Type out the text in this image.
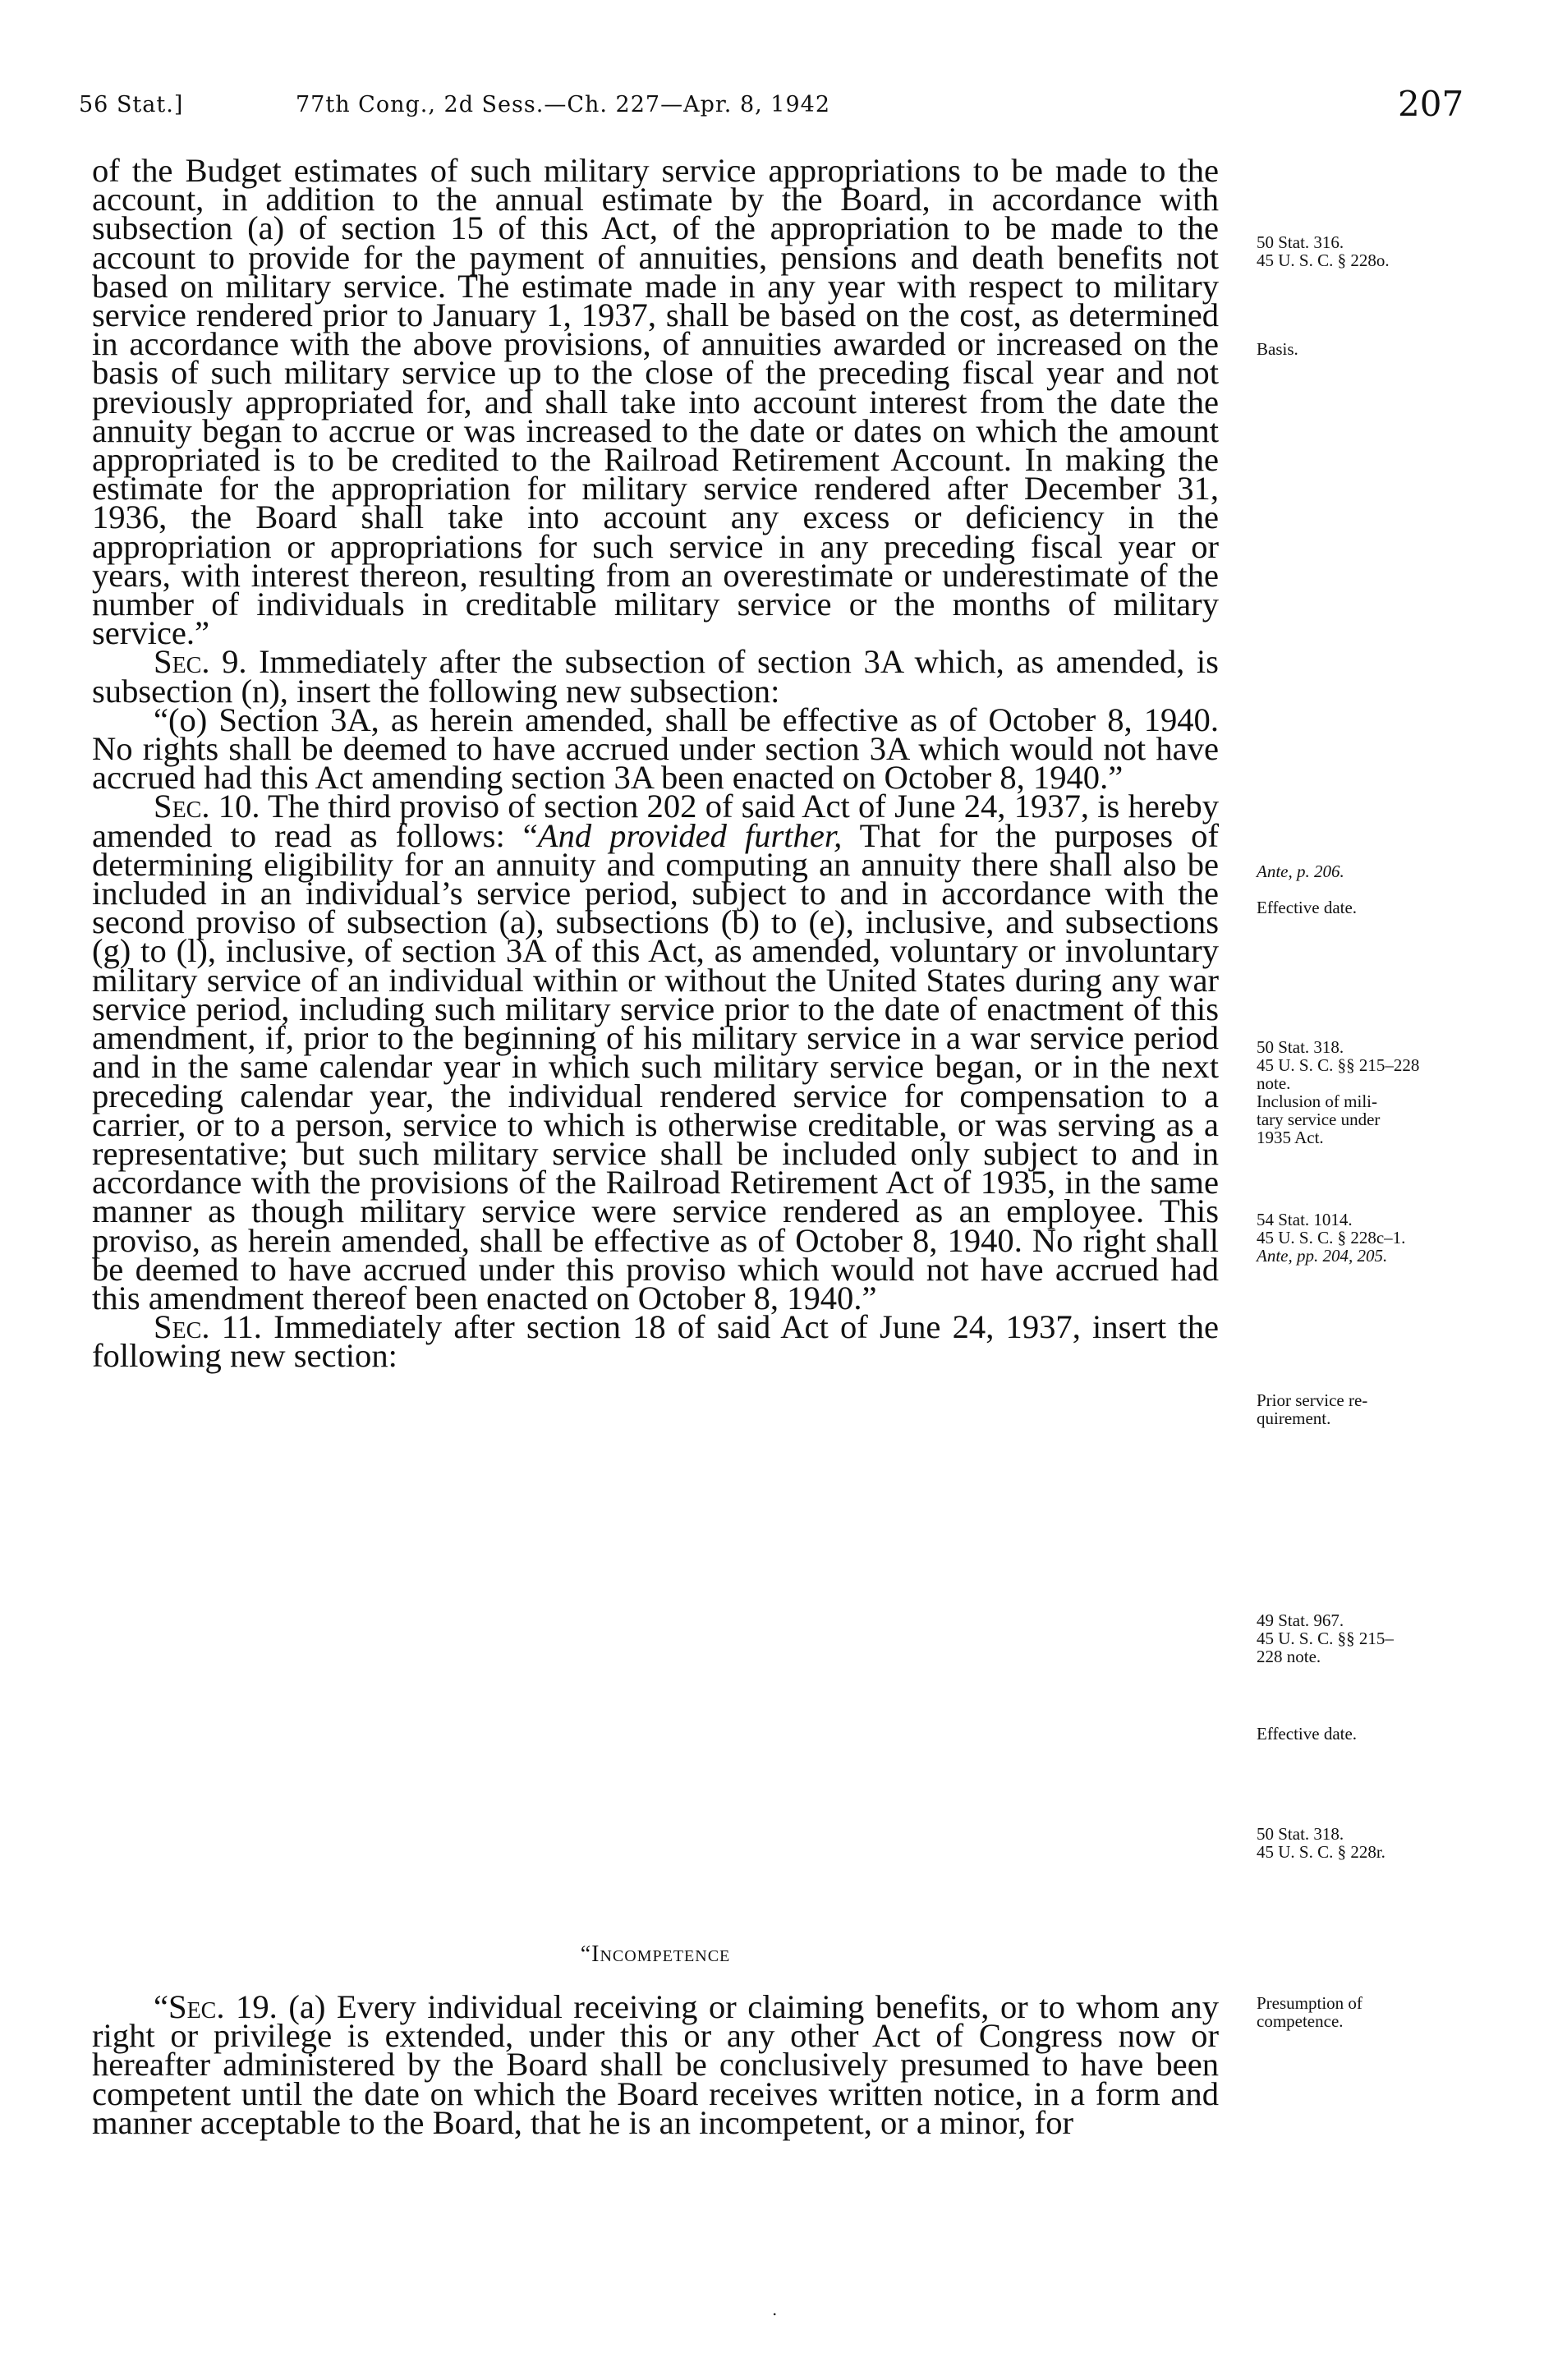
56 Stat.]	77th Cong., 2d Sess.—Ch. 227—Apr. 8, 1942	207

of the Budget estimates of such military service appropriations to be made to the account, in addition to the annual estimate by the Board, in accordance with subsection (a) of section 15 of this Act, of the appropriation to be made to the account to provide for the payment of annuities, pensions and death benefits not based on military service. The estimate made in any year with respect to military service rendered prior to January 1, 1937, shall be based on the cost, as determined in accordance with the above provisions, of annuities awarded or increased on the basis of such military service up to the close of the preceding fiscal year and not previously appropriated for, and shall take into account interest from the date the annuity began to accrue or was increased to the date or dates on which the amount appropriated is to be credited to the Railroad Retirement Account. In making the estimate for the appropriation for military service rendered after December 31, 1936, the Board shall take into account any excess or deficiency in the appropriation or appropriations for such service in any preceding fiscal year or years, with interest thereon, resulting from an overestimate or underestimate of the number of individuals in creditable military service or the months of military service.”

Sec. 9. Immediately after the subsection of section 3A which, as amended, is subsection (n), insert the following new subsection:

“(o) Section 3A, as herein amended, shall be effective as of October 8, 1940. No rights shall be deemed to have accrued under section 3A which would not have accrued had this Act amending section 3A been enacted on October 8, 1940.”

Sec. 10. The third proviso of section 202 of said Act of June 24, 1937, is hereby amended to read as follows: “And provided further, That for the purposes of determining eligibility for an annuity and computing an annuity there shall also be included in an individual’s service period, subject to and in accordance with the second proviso of subsection (a), subsections (b) to (e), inclusive, and subsections (g) to (l), inclusive, of section 3A of this Act, as amended, voluntary or involuntary military service of an individual within or without the United States during any war service period, including such military service prior to the date of enactment of this amendment, if, prior to the beginning of his military service in a war service period and in the same calendar year in which such military service began, or in the next preceding calendar year, the individual rendered service for compensation to a carrier, or to a person, service to which is otherwise creditable, or was serving as a representative; but such military service shall be included only subject to and in accordance with the provisions of the Railroad Retirement Act of 1935, in the same manner as though military service were service rendered as an employee. This proviso, as herein amended, shall be effective as of October 8, 1940. No right shall be deemed to have accrued under this proviso which would not have accrued had this amendment thereof been enacted on October 8, 1940.”

Sec. 11. Immediately after section 18 of said Act of June 24, 1937, insert the following new section:

“Incompetence

“Sec. 19. (a) Every individual receiving or claiming benefits, or to whom any right or privilege is extended, under this or any other Act of Congress now or hereafter administered by the Board shall be conclusively presumed to have been competent until the date on which the Board receives written notice, in a form and manner acceptable to the Board, that he is an incompetent, or a minor, for

50 Stat. 316.
45 U. S. C. § 228o.
Basis.
Ante, p. 206.
Effective date.
50 Stat. 318.
45 U. S. C. §§ 215–228
note.
Inclusion of mili-
tary service under
1935 Act.
54 Stat. 1014.
45 U. S. C. § 228c–1.
Ante, pp. 204, 205.
Prior service re-
quirement.
49 Stat. 967.
45 U. S. C. §§ 215–
228 note.
Effective date.
50 Stat. 318.
45 U. S. C. § 228r.
Presumption of
competence.
.
